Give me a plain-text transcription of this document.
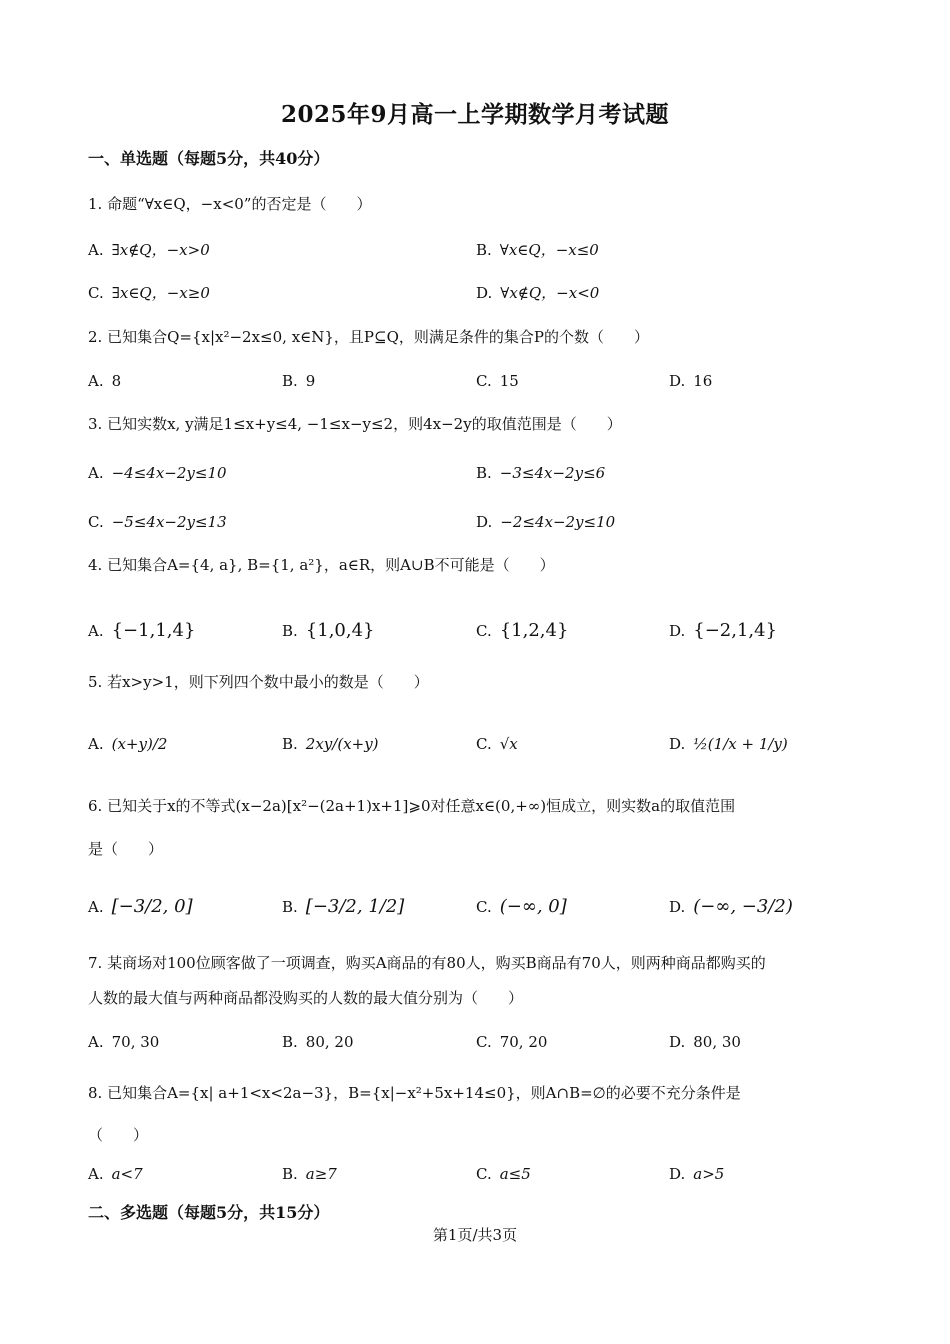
2025年9月高一上学期数学月考试题
一、单选题（每题5分，共40分）
1. 命题“∀x∈Q，−x<0”的否定是（　　）
A. ∃x∉Q，−x>0	B. ∀x∈Q，−x≤0
C. ∃x∈Q，−x≥0	D. ∀x∉Q，−x<0
2. 已知集合Q={x|x²−2x≤0, x∈N}，且P⊆Q，则满足条件的集合P的个数（　　）
A. 8	B. 9	C. 15	D. 16
3. 已知实数x, y满足1≤x+y≤4, −1≤x−y≤2，则4x−2y的取值范围是（　　）
A. −4≤4x−2y≤10	B. −3≤4x−2y≤6
C. −5≤4x−2y≤13	D. −2≤4x−2y≤10
4. 已知集合A={4, a}, B={1, a²}，a∈R，则A∪B不可能是（　　）
A. {−1,1,4}	B. {1,0,4}	C. {1,2,4}	D. {−2,1,4}
5. 若x>y>1，则下列四个数中最小的数是（　　）
A. (x+y)/2	B. 2xy/(x+y)	C. √x	D. ½(1/x + 1/y)
6. 已知关于x的不等式(x−2a)[x²−(2a+1)x+1]⩾0对任意x∈(0,+∞)恒成立，则实数a的取值范围
是（　　）
A. [−3/2, 0]	B. [−3/2, 1/2]	C. (−∞, 0]	D. (−∞, −3/2)
7. 某商场对100位顾客做了一项调查，购买A商品的有80人，购买B商品有70人，则两种商品都购买的
人数的最大值与两种商品都没购买的人数的最大值分别为（　　）
A. 70, 30	B. 80, 20	C. 70, 20	D. 80, 30
8. 已知集合A={x| a+1<x<2a−3}，B={x|−x²+5x+14≤0}，则A∩B=∅的必要不充分条件是
（　　）
A. a<7	B. a≥7	C. a≤5	D. a>5
二、多选题（每题5分，共15分）
第1页/共3页
